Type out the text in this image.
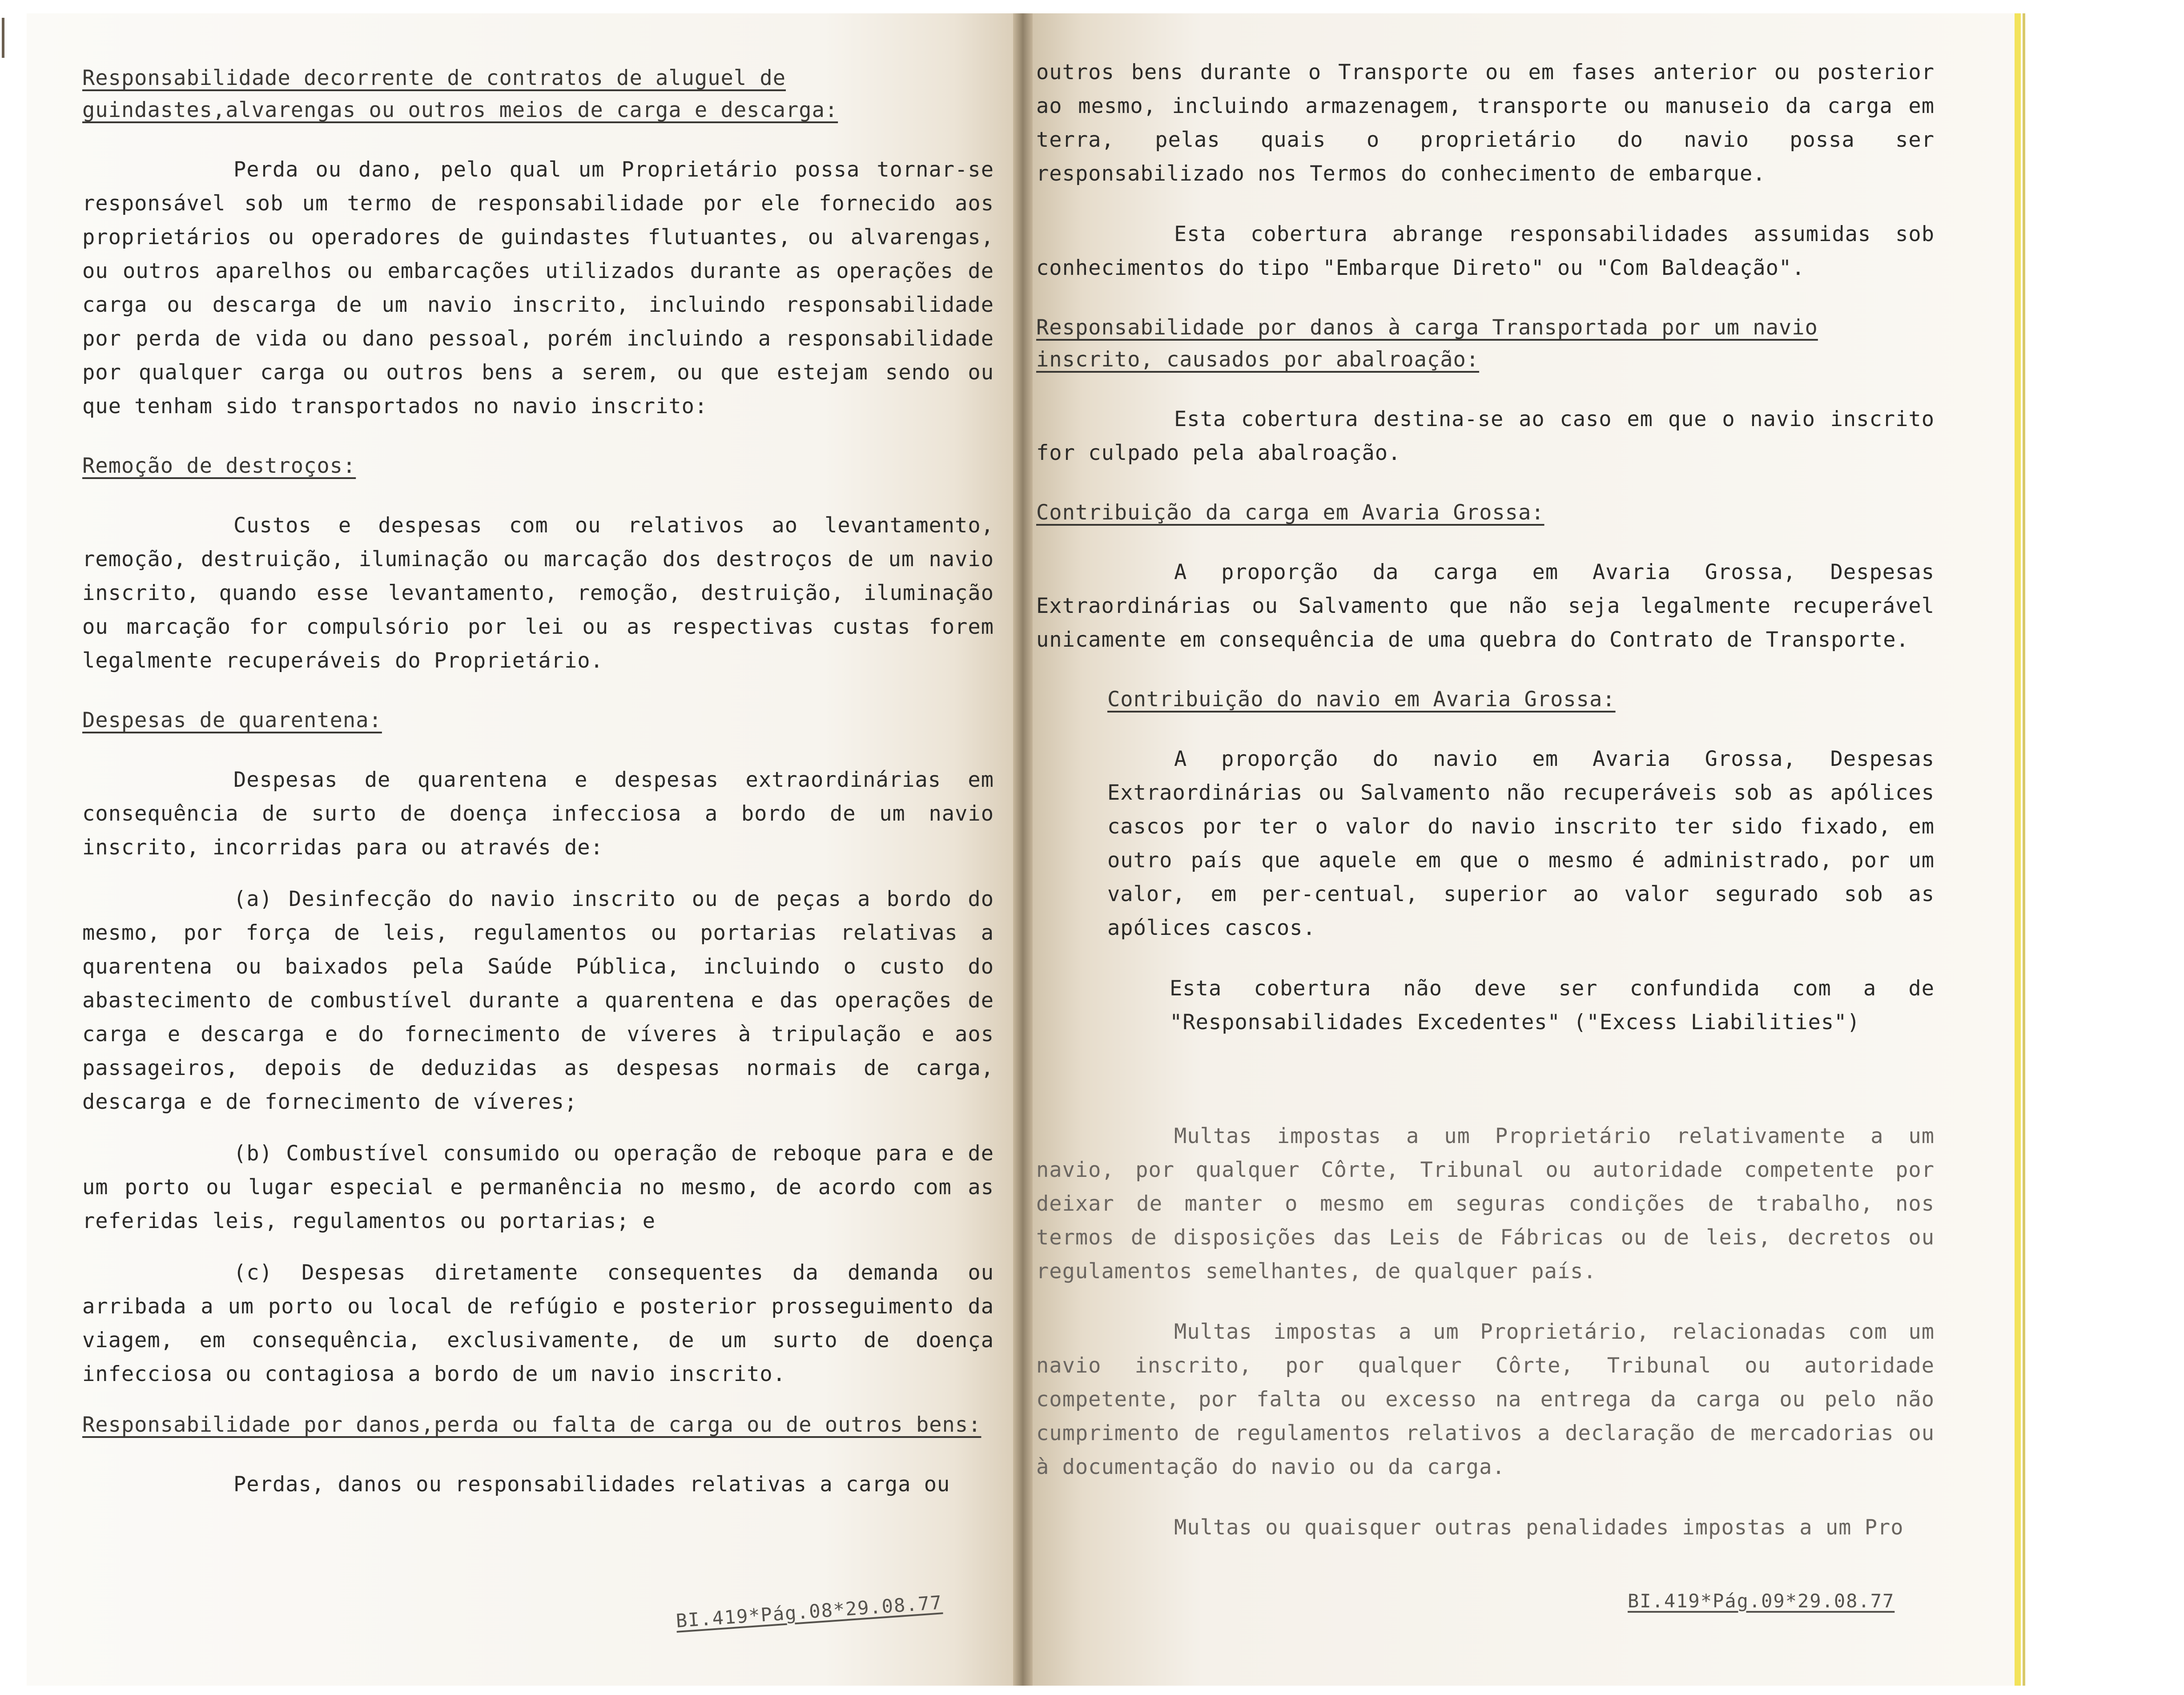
Responsabilidade decorrente de contratos de aluguel de guindastes,alvarengas ou outros meios de carga e descarga:
Perda ou dano, pelo qual um Proprietário possa tornar-se responsável sob um termo de responsabilidade por ele fornecido aos proprietários ou operadores de guindastes flutuantes, ou alvarengas, ou outros aparelhos ou embarcações utilizados durante as operações de carga ou descarga de um navio inscrito, incluindo responsabilidade por perda de vida ou dano pessoal, porém incluindo a responsabilidade por qualquer carga ou outros bens a serem, ou que estejam sendo ou que tenham sido transportados no navio inscrito:
Remoção de destroços:
Custos e despesas com ou relativos ao levantamento, remoção, destruição, iluminação ou marcação dos destroços de um navio inscrito, quando esse levantamento, remoção, destruição, iluminação ou marcação for compulsório por lei ou as respectivas custas forem legalmente recuperáveis do Proprietário.
Despesas de quarentena:
Despesas de quarentena e despesas extraordinárias em consequência de surto de doença infecciosa a bordo de um navio inscrito, incorridas para ou através de:
(a) Desinfecção do navio inscrito ou de peças a bordo do mesmo, por força de leis, regulamentos ou portarias relativas a quarentena ou baixados pela Saúde Pública, incluindo o custo do abastecimento de combustível durante a quarentena e das operações de carga e descarga e do fornecimento de víveres à tripulação e aos passageiros, depois de deduzidas as despesas normais de carga, descarga e de fornecimento de víveres;
(b) Combustível consumido ou operação de reboque para e de um porto ou lugar especial e permanência no mesmo, de acordo com as referidas leis, regulamentos ou portarias; e
(c) Despesas diretamente consequentes da demanda ou arribada a um porto ou local de refúgio e posterior prosseguimento da viagem, em consequência, exclusivamente, de um surto de doença infecciosa ou contagiosa a bordo de um navio inscrito.
Responsabilidade por danos,perda ou falta de carga ou de outros bens:
Perdas, danos ou responsabilidades relativas a carga ou
BI.419*Pág.08*29.08.77
outros bens durante o Transporte ou em fases anterior ou posterior ao mesmo, incluindo armazenagem, transporte ou manuseio da carga em terra, pelas quais o proprietário do navio possa ser responsabilizado nos Termos do conhecimento de embarque.
Esta cobertura abrange responsabilidades assumidas sob conhecimentos do tipo "Embarque Direto" ou "Com Baldeação".
Responsabilidade por danos à carga Transportada por um navio inscrito, causados por abalroação:
Esta cobertura destina-se ao caso em que o navio inscrito for culpado pela abalroação.
Contribuição da carga em Avaria Grossa:
A proporção da carga em Avaria Grossa, Despesas Extraordinárias ou Salvamento que não seja legalmente recuperável unicamente em consequência de uma quebra do Contrato de Transporte.
Contribuição do navio em Avaria Grossa:
A proporção do navio em Avaria Grossa, Despesas Extraordinárias ou Salvamento não recuperáveis sob as apólices cascos por ter o valor do navio inscrito ter sido fixado, em outro país que aquele em que o mesmo é administrado, por um valor, em per-centual, superior ao valor segurado sob as apólices cascos.
Esta cobertura não deve ser confundida com a de "Responsabilidades Excedentes" ("Excess Liabilities")
Multas impostas a um Proprietário relativamente a um navio, por qualquer Côrte, Tribunal ou autoridade competente por deixar de manter o mesmo em seguras condições de trabalho, nos termos de disposições das Leis de Fábricas ou de leis, decretos ou regulamentos semelhantes, de qualquer país.
Multas impostas a um Proprietário, relacionadas com um navio inscrito, por qualquer Côrte, Tribunal ou autoridade competente, por falta ou excesso na entrega da carga ou pelo não cumprimento de regulamentos relativos a declaração de mercadorias ou à documentação do navio ou da carga.
Multas ou quaisquer outras penalidades impostas a um Pro
BI.419*Pág.09*29.08.77
